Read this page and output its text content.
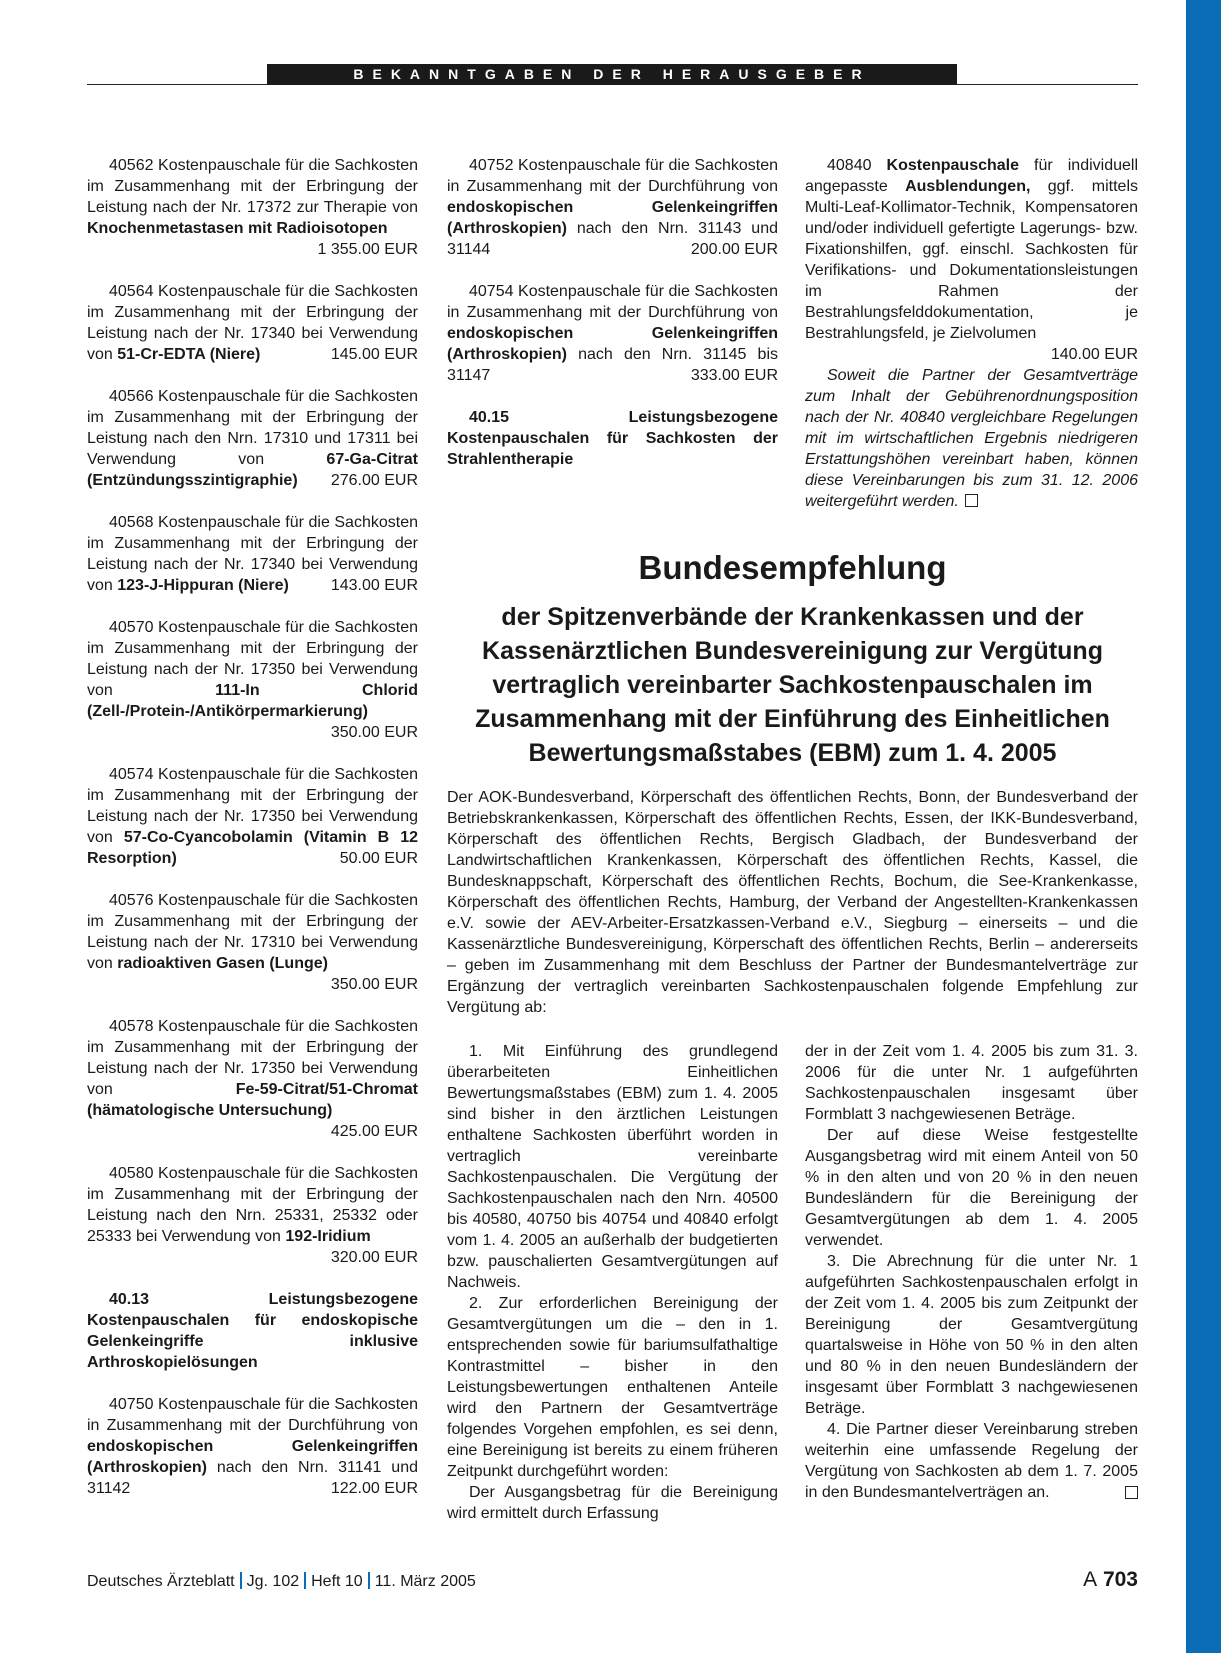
BEKANNTGABEN DER HERAUSGEBER

40562 Kostenpauschale für die Sachkosten im Zusammenhang mit der Erbringung der Leistung nach der Nr. 17372 zur Therapie von Knochenmetastasen mit Radioisotopen
1 355.00 EUR

40564 Kostenpauschale für die Sachkosten im Zusammenhang mit der Erbringung der Leistung nach der Nr. 17340 bei Verwendung von 51-Cr-EDTA (Niere)	145.00 EUR

40566 Kostenpauschale für die Sachkosten im Zusammenhang mit der Erbringung der Leistung nach den Nrn. 17310 und 17311 bei Verwendung von 67-Ga-Citrat (Entzündungsszintigraphie)	276.00 EUR

40568 Kostenpauschale für die Sachkosten im Zusammenhang mit der Erbringung der Leistung nach der Nr. 17340 bei Verwendung von 123-J-Hippuran (Niere)	143.00 EUR

40570 Kostenpauschale für die Sachkosten im Zusammenhang mit der Erbringung der Leistung nach der Nr. 17350 bei Verwendung von 111-In Chlorid (Zell-/Protein-/Antikörpermarkierung)
350.00 EUR

40574 Kostenpauschale für die Sachkosten im Zusammenhang mit der Erbringung der Leistung nach der Nr. 17350 bei Verwendung von 57-Co-Cyancobolamin (Vitamin B 12 Resorption)	50.00 EUR

40576 Kostenpauschale für die Sachkosten im Zusammenhang mit der Erbringung der Leistung nach der Nr. 17310 bei Verwendung von radioaktiven Gasen (Lunge)
350.00 EUR

40578 Kostenpauschale für die Sachkosten im Zusammenhang mit der Erbringung der Leistung nach der Nr. 17350 bei Verwendung von Fe-59-Citrat/51-Chromat (hämatologische Untersuchung)
425.00 EUR

40580 Kostenpauschale für die Sachkosten im Zusammenhang mit der Erbringung der Leistung nach den Nrn. 25331, 25332 oder 25333 bei Verwendung von 192-Iridium
320.00 EUR

40.13 Leistungsbezogene Kostenpauschalen für endoskopische Gelenkeingriffe inklusive Arthroskopielösungen

40750 Kostenpauschale für die Sachkosten in Zusammenhang mit der Durchführung von endoskopischen Gelenkeingriffen (Arthroskopien) nach den Nrn. 31141 und 31142	122.00 EUR

40752 Kostenpauschale für die Sachkosten in Zusammenhang mit der Durchführung von endoskopischen Gelenkeingriffen (Arthroskopien) nach den Nrn. 31143 und 31144	200.00 EUR

40754 Kostenpauschale für die Sachkosten in Zusammenhang mit der Durchführung von endoskopischen Gelenkeingriffen (Arthroskopien) nach den Nrn. 31145 bis 31147	333.00 EUR

40.15 Leistungsbezogene Kostenpauschalen für Sachkosten der Strahlentherapie

40840 Kostenpauschale für individuell angepasste Ausblendungen, ggf. mittels Multi-Leaf-Kollimator-Technik, Kompensatoren und/oder individuell gefertigte Lagerungs- bzw. Fixationshilfen, ggf. einschl. Sachkosten für Verifikations- und Dokumentationsleistungen im Rahmen der Bestrahlungsfelddokumentation, je Bestrahlungsfeld, je Zielvolumen
140.00 EUR

Soweit die Partner der Gesamtverträge zum Inhalt der Gebührenordnungsposition nach der Nr. 40840 vergleichbare Regelungen mit im wirtschaftlichen Ergebnis niedrigeren Erstattungshöhen vereinbart haben, können diese Vereinbarungen bis zum 31. 12. 2006 weitergeführt werden.

Bundesempfehlung
der Spitzenverbände der Krankenkassen und der Kassenärztlichen Bundesvereinigung zur Vergütung vertraglich vereinbarter Sachkostenpauschalen im Zusammenhang mit der Einführung des Einheitlichen Bewertungsmaßstabes (EBM) zum 1. 4. 2005

Der AOK-Bundesverband, Körperschaft des öffentlichen Rechts, Bonn, der Bundesverband der Betriebskrankenkassen, Körperschaft des öffentlichen Rechts, Essen, der IKK-Bundesverband, Körperschaft des öffentlichen Rechts, Bergisch Gladbach, der Bundesverband der Landwirtschaftlichen Krankenkassen, Körperschaft des öffentlichen Rechts, Kassel, die Bundesknappschaft, Körperschaft des öffentlichen Rechts, Bochum, die See-Krankenkasse, Körperschaft des öffentlichen Rechts, Hamburg, der Verband der Angestellten-Krankenkassen e.V. sowie der AEV-Arbeiter-Ersatzkassen-Verband e.V., Siegburg – einerseits – und die Kassenärztliche Bundesvereinigung, Körperschaft des öffentlichen Rechts, Berlin – andererseits – geben im Zusammenhang mit dem Beschluss der Partner der Bundesmantelverträge zur Ergänzung der vertraglich vereinbarten Sachkostenpauschalen folgende Empfehlung zur Vergütung ab:

1. Mit Einführung des grundlegend überarbeiteten Einheitlichen Bewertungsmaßstabes (EBM) zum 1. 4. 2005 sind bisher in den ärztlichen Leistungen enthaltene Sachkosten überführt worden in vertraglich vereinbarte Sachkostenpauschalen. Die Vergütung der Sachkostenpauschalen nach den Nrn. 40500 bis 40580, 40750 bis 40754 und 40840 erfolgt vom 1. 4. 2005 an außerhalb der budgetierten bzw. pauschalierten Gesamtvergütungen auf Nachweis.

2. Zur erforderlichen Bereinigung der Gesamtvergütungen um die – den in 1. entsprechenden sowie für bariumsulfathaltige Kontrastmittel – bisher in den Leistungsbewertungen enthaltenen Anteile wird den Partnern der Gesamtverträge folgendes Vorgehen empfohlen, es sei denn, eine Bereinigung ist bereits zu einem früheren Zeitpunkt durchgeführt worden:

Der Ausgangsbetrag für die Bereinigung wird ermittelt durch Erfassung

der in der Zeit vom 1. 4. 2005 bis zum 31. 3. 2006 für die unter Nr. 1 aufgeführten Sachkostenpauschalen insgesamt über Formblatt 3 nachgewiesenen Beträge.

Der auf diese Weise festgestellte Ausgangsbetrag wird mit einem Anteil von 50 % in den alten und von 20 % in den neuen Bundesländern für die Bereinigung der Gesamtvergütungen ab dem 1. 4. 2005 verwendet.

3. Die Abrechnung für die unter Nr. 1 aufgeführten Sachkostenpauschalen erfolgt in der Zeit vom 1. 4. 2005 bis zum Zeitpunkt der Bereinigung der Gesamtvergütung quartalsweise in Höhe von 50 % in den alten und 80 % in den neuen Bundesländern der insgesamt über Formblatt 3 nachgewiesenen Beträge.

4. Die Partner dieser Vereinbarung streben weiterhin eine umfassende Regelung der Vergütung von Sachkosten ab dem 1. 7. 2005 in den Bundesmantelverträgen an.

Deutsches Ärzteblatt Jg. 102 Heft 10 11. März 2005	A 703
